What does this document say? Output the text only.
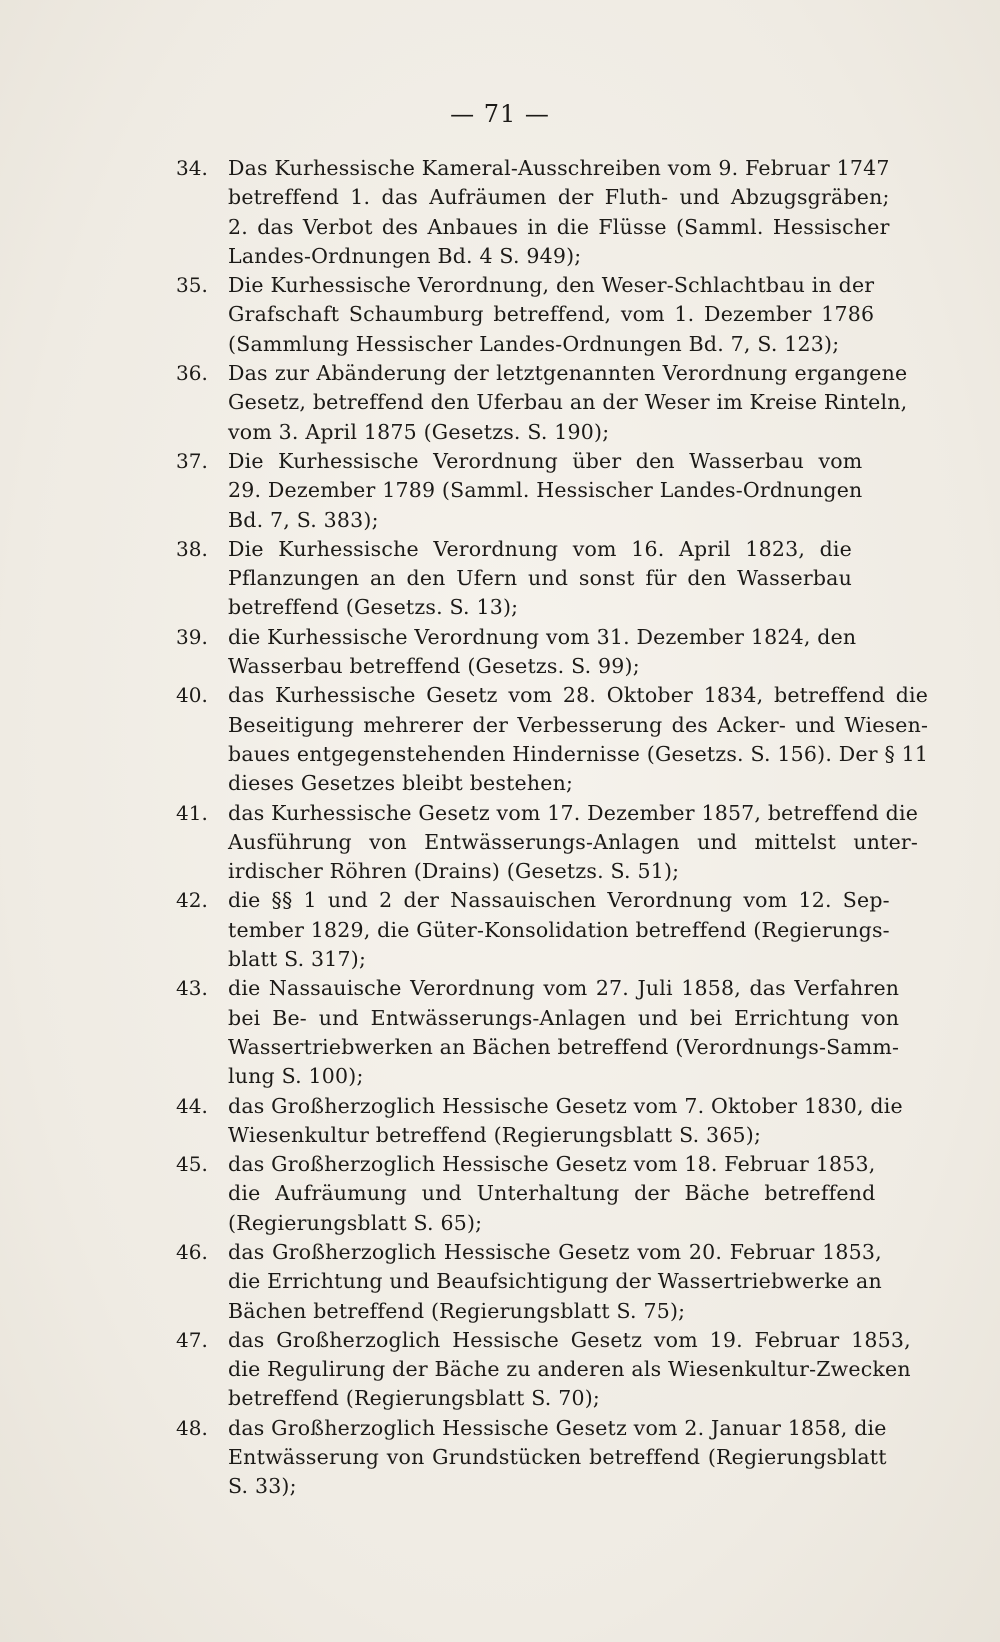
— 71 —
34. Das Kurhessische Kameral-Ausschreiben vom 9. Februar 1747
betreffend 1. das Aufräumen der Fluth- und Abzugsgräben;
2. das Verbot des Anbaues in die Flüsse (Samml. Hessischer
Landes-Ordnungen Bd. 4 S. 949);
35. Die Kurhessische Verordnung, den Weser-Schlachtbau in der
Grafschaft Schaumburg betreffend, vom 1. Dezember 1786
(Sammlung Hessischer Landes-Ordnungen Bd. 7, S. 123);
36. Das zur Abänderung der letztgenannten Verordnung ergangene
Gesetz, betreffend den Uferbau an der Weser im Kreise Rinteln,
vom 3. April 1875 (Gesetzs. S. 190);
37. Die Kurhessische Verordnung über den Wasserbau vom
29. Dezember 1789 (Samml. Hessischer Landes-Ordnungen
Bd. 7, S. 383);
38. Die Kurhessische Verordnung vom 16. April 1823, die
Pflanzungen an den Ufern und sonst für den Wasserbau
betreffend (Gesetzs. S. 13);
39. die Kurhessische Verordnung vom 31. Dezember 1824, den
Wasserbau betreffend (Gesetzs. S. 99);
40. das Kurhessische Gesetz vom 28. Oktober 1834, betreffend die
Beseitigung mehrerer der Verbesserung des Acker- und Wiesen-
baues entgegenstehenden Hindernisse (Gesetzs. S. 156). Der § 11
dieses Gesetzes bleibt bestehen;
41. das Kurhessische Gesetz vom 17. Dezember 1857, betreffend die
Ausführung von Entwässerungs-Anlagen und mittelst unter-
irdischer Röhren (Drains) (Gesetzs. S. 51);
42. die §§ 1 und 2 der Nassauischen Verordnung vom 12. Sep-
tember 1829, die Güter-Konsolidation betreffend (Regierungs-
blatt S. 317);
43. die Nassauische Verordnung vom 27. Juli 1858, das Verfahren
bei Be- und Entwässerungs-Anlagen und bei Errichtung von
Wassertriebwerken an Bächen betreffend (Verordnungs-Samm-
lung S. 100);
44. das Großherzoglich Hessische Gesetz vom 7. Oktober 1830, die
Wiesenkultur betreffend (Regierungsblatt S. 365);
45. das Großherzoglich Hessische Gesetz vom 18. Februar 1853,
die Aufräumung und Unterhaltung der Bäche betreffend
(Regierungsblatt S. 65);
46. das Großherzoglich Hessische Gesetz vom 20. Februar 1853,
die Errichtung und Beaufsichtigung der Wassertriebwerke an
Bächen betreffend (Regierungsblatt S. 75);
47. das Großherzoglich Hessische Gesetz vom 19. Februar 1853,
die Regulirung der Bäche zu anderen als Wiesenkultur-Zwecken
betreffend (Regierungsblatt S. 70);
48. das Großherzoglich Hessische Gesetz vom 2. Januar 1858, die
Entwässerung von Grundstücken betreffend (Regierungsblatt
S. 33);
